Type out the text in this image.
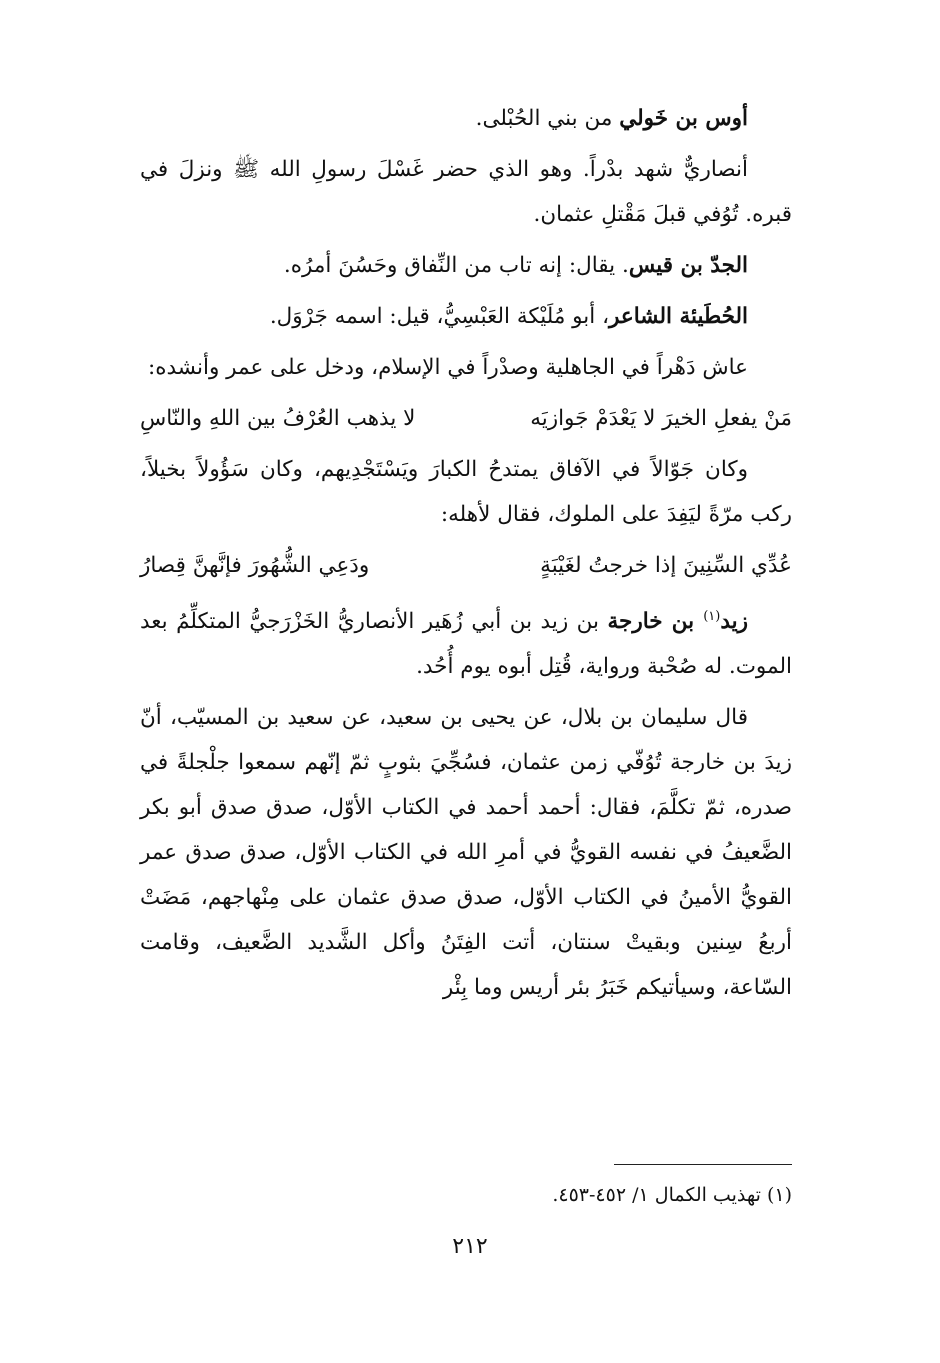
أوس بن خَولي من بني الحُبْلى.

أنصاريٌّ شهد بدْراً. وهو الذي حضر غَسْلَ رسولِ الله ﷺ ونزلَ في قبره. تُوُفي قبلَ مَقْتلِ عثمان.

الجدّ بن قيس. يقال: إنه تاب من النِّفاق وحَسُنَ أمرُه.

الحُطَيئة الشاعر، أبو مُلَيْكة العَبْسِيُّ، قيل: اسمه جَرْوَل.

عاش دَهْراً في الجاهلية وصدْراً في الإسلام، ودخل على عمر وأنشده:

مَنْ يفعلِ الخيرَ لا يَعْدَمْ جَوازيَه
لا يذهب العُرْفُ بين اللهِ والنّاسِ

وكان جَوّالاً في الآفاق يمتدحُ الكبارَ ويَسْتَجْدِيهم، وكان سَؤُولاً بخيلاً، ركب مرّةً ليَفِدَ على الملوك، فقال لأهله:

عُدِّي السِّنِينَ إذا خرجتُ لغَيْبَةٍ
ودَعِي الشُّهُورَ فإنَّهنَّ قِصارُ

زيد$^{(١)}$ بن خارجة بن زيد بن أبي زُهَير الأنصاريُّ الخَزْرَجيُّ المتكلِّمُ بعد الموت. له صُحْبة ورواية، قُتِل أبوه يوم أُحُد.

قال سليمان بن بلال، عن يحيى بن سعيد، عن سعيد بن المسيّب، أنّ زيدَ بن خارجة تُوُفّي زمن عثمان، فسُجِّيَ بثوبٍ ثمّ إنّهم سمعوا جلْجلةً في صدره، ثمّ تكلَّمَ، فقال: أحمد أحمد في الكتاب الأوّل، صدق صدق أبو بكر الضَّعيفُ في نفسه القويُّ في أمرِ الله في الكتاب الأوّل، صدق صدق عمر القويُّ الأمينُ في الكتاب الأوّل، صدق صدق عثمان على مِنْهاجهم، مَضَتْ أربعُ سِنين وبقيتْ سنتان، أتت الفِتَنُ وأكل الشَّديد الضَّعيف، وقامت السّاعة، وسيأتيكم خَبَرُ بئر أريس وما بِئْر

(١) تهذيب الكمال ١/ ٤٥٢-٤٥٣.
٢١٢
